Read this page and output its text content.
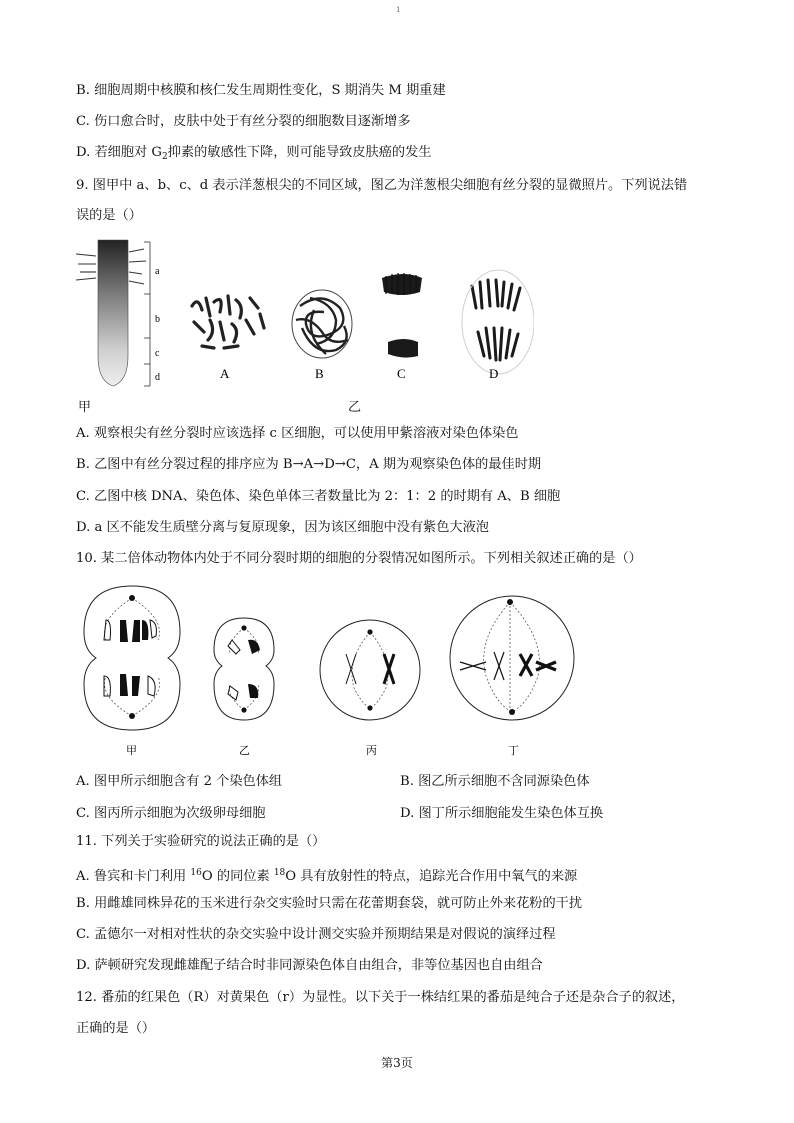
1
B. 细胞周期中核膜和核仁发生周期性变化，S 期消失 M 期重建
C. 伤口愈合时，皮肤中处于有丝分裂的细胞数目逐渐增多
D. 若细胞对 $G_2$抑素的敏感性下降，则可能导致皮肤癌的发生
9. 图甲中 a、b、c、d 表示洋葱根尖的不同区域，图乙为洋葱根尖细胞有丝分裂的显微照片。下列说法错
误的是（）
a
b
c
d	A	B	C	D
甲	乙
A. 观察根尖有丝分裂时应该选择 c 区细胞，可以使用甲紫溶液对染色体染色
B. 乙图中有丝分裂过程的排序应为 B→A→D→C，A 期为观察染色体的最佳时期
C. 乙图中核 DNA、染色体、染色单体三者数量比为 2：1：2 的时期有 A、B 细胞
D. a 区不能发生质壁分离与复原现象，因为该区细胞中没有紫色大液泡
10. 某二倍体动物体内处于不同分裂时期的细胞的分裂情况如图所示。下列相关叙述正确的是（）
甲	乙	丙	丁
A. 图甲所示细胞含有 2 个染色体组	B. 图乙所示细胞不含同源染色体
C. 图丙所示细胞为次级卵母细胞	D. 图丁所示细胞能发生染色体互换
11. 下列关于实验研究的说法正确的是（）
A. 鲁宾和卡门利用 $^{16}$O 的同位素 $^{18}$O 具有放射性的特点，追踪光合作用中氧气的来源
B. 用雌雄同株异花的玉米进行杂交实验时只需在花蕾期套袋，就可防止外来花粉的干扰
C. 孟德尔一对相对性状的杂交实验中设计测交实验并预期结果是对假说的演绎过程
D. 萨顿研究发现雌雄配子结合时非同源染色体自由组合，非等位基因也自由组合
12. 番茄的红果色（R）对黄果色（r）为显性。以下关于一株结红果的番茄是纯合子还是杂合子的叙述，
正确的是（）
第3页
